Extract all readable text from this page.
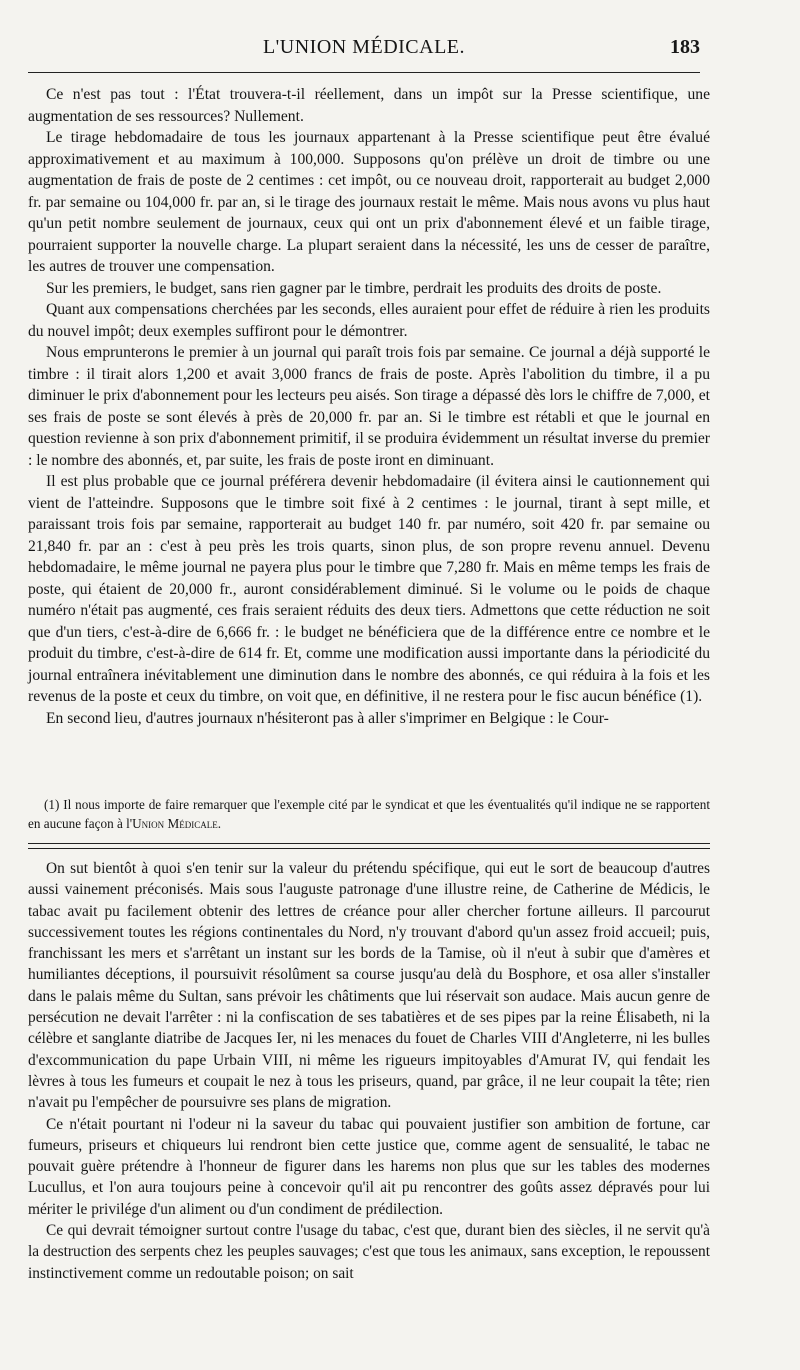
L'UNION MÉDICALE.	183

Ce n'est pas tout : l'État trouvera-t-il réellement, dans un impôt sur la Presse scientifique, une augmentation de ses ressources? Nullement.

Le tirage hebdomadaire de tous les journaux appartenant à la Presse scientifique peut être évalué approximativement et au maximum à 100,000. Supposons qu'on prélève un droit de timbre ou une augmentation de frais de poste de 2 centimes : cet impôt, ou ce nouveau droit, rapporterait au budget 2,000 fr. par semaine ou 104,000 fr. par an, si le tirage des journaux restait le même. Mais nous avons vu plus haut qu'un petit nombre seulement de journaux, ceux qui ont un prix d'abonnement élevé et un faible tirage, pourraient supporter la nouvelle charge. La plupart seraient dans la nécessité, les uns de cesser de paraître, les autres de trouver une compensation.

Sur les premiers, le budget, sans rien gagner par le timbre, perdrait les produits des droits de poste.

Quant aux compensations cherchées par les seconds, elles auraient pour effet de réduire à rien les produits du nouvel impôt; deux exemples suffiront pour le démontrer.

Nous emprunterons le premier à un journal qui paraît trois fois par semaine. Ce journal a déjà supporté le timbre : il tirait alors 1,200 et avait 3,000 francs de frais de poste. Après l'abolition du timbre, il a pu diminuer le prix d'abonnement pour les lecteurs peu aisés. Son tirage a dépassé dès lors le chiffre de 7,000, et ses frais de poste se sont élevés à près de 20,000 fr. par an. Si le timbre est rétabli et que le journal en question revienne à son prix d'abonnement primitif, il se produira évidemment un résultat inverse du premier : le nombre des abonnés, et, par suite, les frais de poste iront en diminuant.

Il est plus probable que ce journal préférera devenir hebdomadaire (il évitera ainsi le cautionnement qui vient de l'atteindre. Supposons que le timbre soit fixé à 2 centimes : le journal, tirant à sept mille, et paraissant trois fois par semaine, rapporterait au budget 140 fr. par numéro, soit 420 fr. par semaine ou 21,840 fr. par an : c'est à peu près les trois quarts, sinon plus, de son propre revenu annuel. Devenu hebdomadaire, le même journal ne payera plus pour le timbre que 7,280 fr. Mais en même temps les frais de poste, qui étaient de 20,000 fr., auront considérablement diminué. Si le volume ou le poids de chaque numéro n'était pas augmenté, ces frais seraient réduits des deux tiers. Admettons que cette réduction ne soit que d'un tiers, c'est-à-dire de 6,666 fr. : le budget ne bénéficiera que de la différence entre ce nombre et le produit du timbre, c'est-à-dire de 614 fr. Et, comme une modification aussi importante dans la périodicité du journal entraînera inévitablement une diminution dans le nombre des abonnés, ce qui réduira à la fois et les revenus de la poste et ceux du timbre, on voit que, en définitive, il ne restera pour le fisc aucun bénéfice (1).

En second lieu, d'autres journaux n'hésiteront pas à aller s'imprimer en Belgique : le Cour-

(1) Il nous importe de faire remarquer que l'exemple cité par le syndicat et que les éventualités qu'il indique ne se rapportent en aucune façon à l'Union Médicale.

On sut bientôt à quoi s'en tenir sur la valeur du prétendu spécifique, qui eut le sort de beaucoup d'autres aussi vainement préconisés. Mais sous l'auguste patronage d'une illustre reine, de Catherine de Médicis, le tabac avait pu facilement obtenir des lettres de créance pour aller chercher fortune ailleurs. Il parcourut successivement toutes les régions continentales du Nord, n'y trouvant d'abord qu'un assez froid accueil; puis, franchissant les mers et s'arrêtant un instant sur les bords de la Tamise, où il n'eut à subir que d'amères et humiliantes déceptions, il poursuivit résolûment sa course jusqu'au delà du Bosphore, et osa aller s'installer dans le palais même du Sultan, sans prévoir les châtiments que lui réservait son audace. Mais aucun genre de persécution ne devait l'arrêter : ni la confiscation de ses tabatières et de ses pipes par la reine Élisabeth, ni la célèbre et sanglante diatribe de Jacques Ier, ni les menaces du fouet de Charles VIII d'Angleterre, ni les bulles d'excommunication du pape Urbain VIII, ni même les rigueurs impitoyables d'Amurat IV, qui fendait les lèvres à tous les fumeurs et coupait le nez à tous les priseurs, quand, par grâce, il ne leur coupait la tête; rien n'avait pu l'empêcher de poursuivre ses plans de migration.

Ce n'était pourtant ni l'odeur ni la saveur du tabac qui pouvaient justifier son ambition de fortune, car fumeurs, priseurs et chiqueurs lui rendront bien cette justice que, comme agent de sensualité, le tabac ne pouvait guère prétendre à l'honneur de figurer dans les harems non plus que sur les tables des modernes Lucullus, et l'on aura toujours peine à concevoir qu'il ait pu rencontrer des goûts assez dépravés pour lui mériter le privilége d'un aliment ou d'un condiment de prédilection.

Ce qui devrait témoigner surtout contre l'usage du tabac, c'est que, durant bien des siècles, il ne servit qu'à la destruction des serpents chez les peuples sauvages; c'est que tous les animaux, sans exception, le repoussent instinctivement comme un redoutable poison; on sait
